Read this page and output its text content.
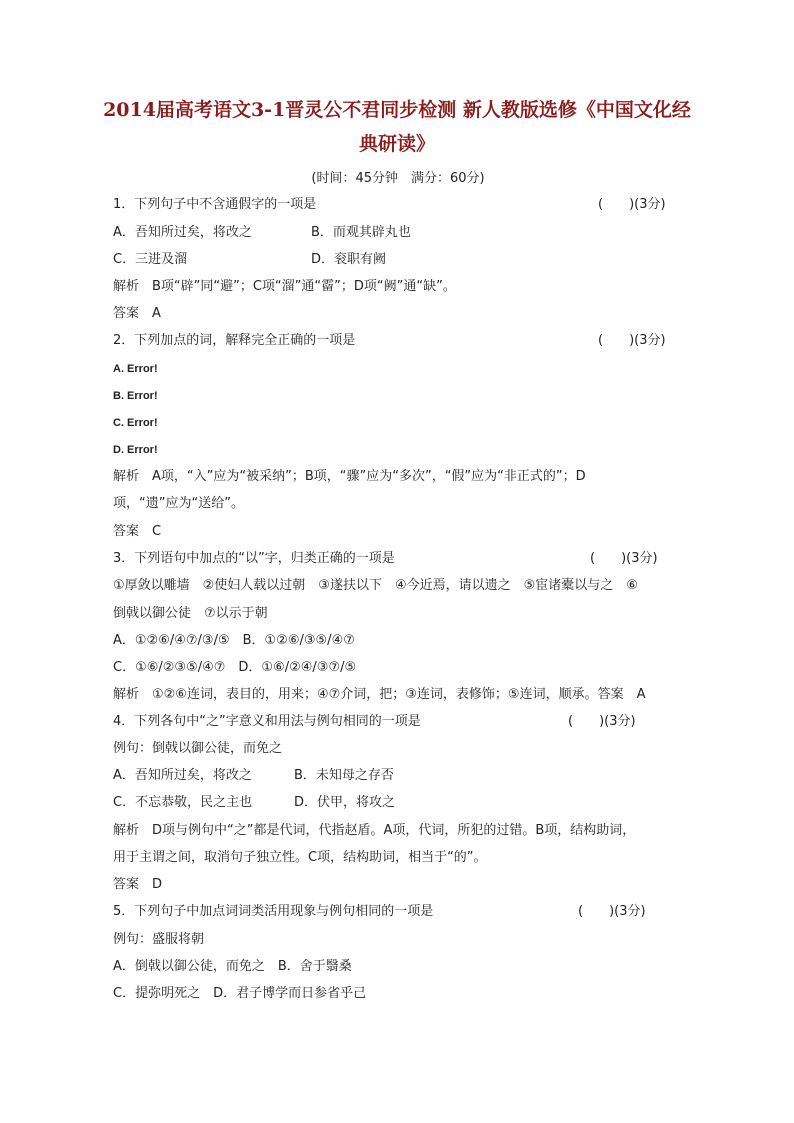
2014届高考语文3-1晋灵公不君同步检测 新人教版选修《中国文化经
典研读》
(时间：45分钟　满分：60分)
1．下列句子中不含通假字的一项是	(　　)(3分)
A．吾知所过矣，将改之	B．而观其辟丸也
C．三进及溜	D．衮职有阙
解析　B项“辟”同“避”；C项“溜”通“霤”；D项“阙”通“缺”。
答案　A
2．下列加点的词，解释完全正确的一项是	(　　)(3分)
A. Error!
B. Error!
C. Error!
D. Error!
解析　A项，“入”应为“被采纳”；B项，“骤”应为“多次”，“假”应为“非正式的”；D
项，“遗”应为“送给”。
答案　C
3．下列语句中加点的“以”字，归类正确的一项是	(　　)(3分)
①厚敛以雕墙　②使妇人载以过朝　③遂扶以下　④今近焉，请以遗之　⑤宦诸橐以与之　⑥
倒戟以御公徒　⑦以示于朝
A．①②⑥/④⑦/③/⑤　B．①②⑥/③⑤/④⑦
C．①⑥/②③⑤/④⑦　D．①⑥/②④/③⑦/⑤
解析　①②⑥连词，表目的，用来；④⑦介词，把；③连词，表修饰；⑤连词，顺承。答案　A
4．下列各句中“之”字意义和用法与例句相同的一项是	(　　)(3分)
例句：倒戟以御公徒，而免之
A．吾知所过矣，将改之	B．未知母之存否
C．不忘恭敬，民之主也	D．伏甲，将攻之
解析　D项与例句中“之”都是代词，代指赵盾。A项，代词，所犯的过错。B项，结构助词，
用于主谓之间，取消句子独立性。C项，结构助词，相当于“的”。
答案　D
5．下列句子中加点词词类活用现象与例句相同的一项是	(　　)(3分)
例句：盛服将朝
A．倒戟以御公徒，而免之　B．舍于翳桑
C．提弥明死之　D．君子博学而日参省乎己
